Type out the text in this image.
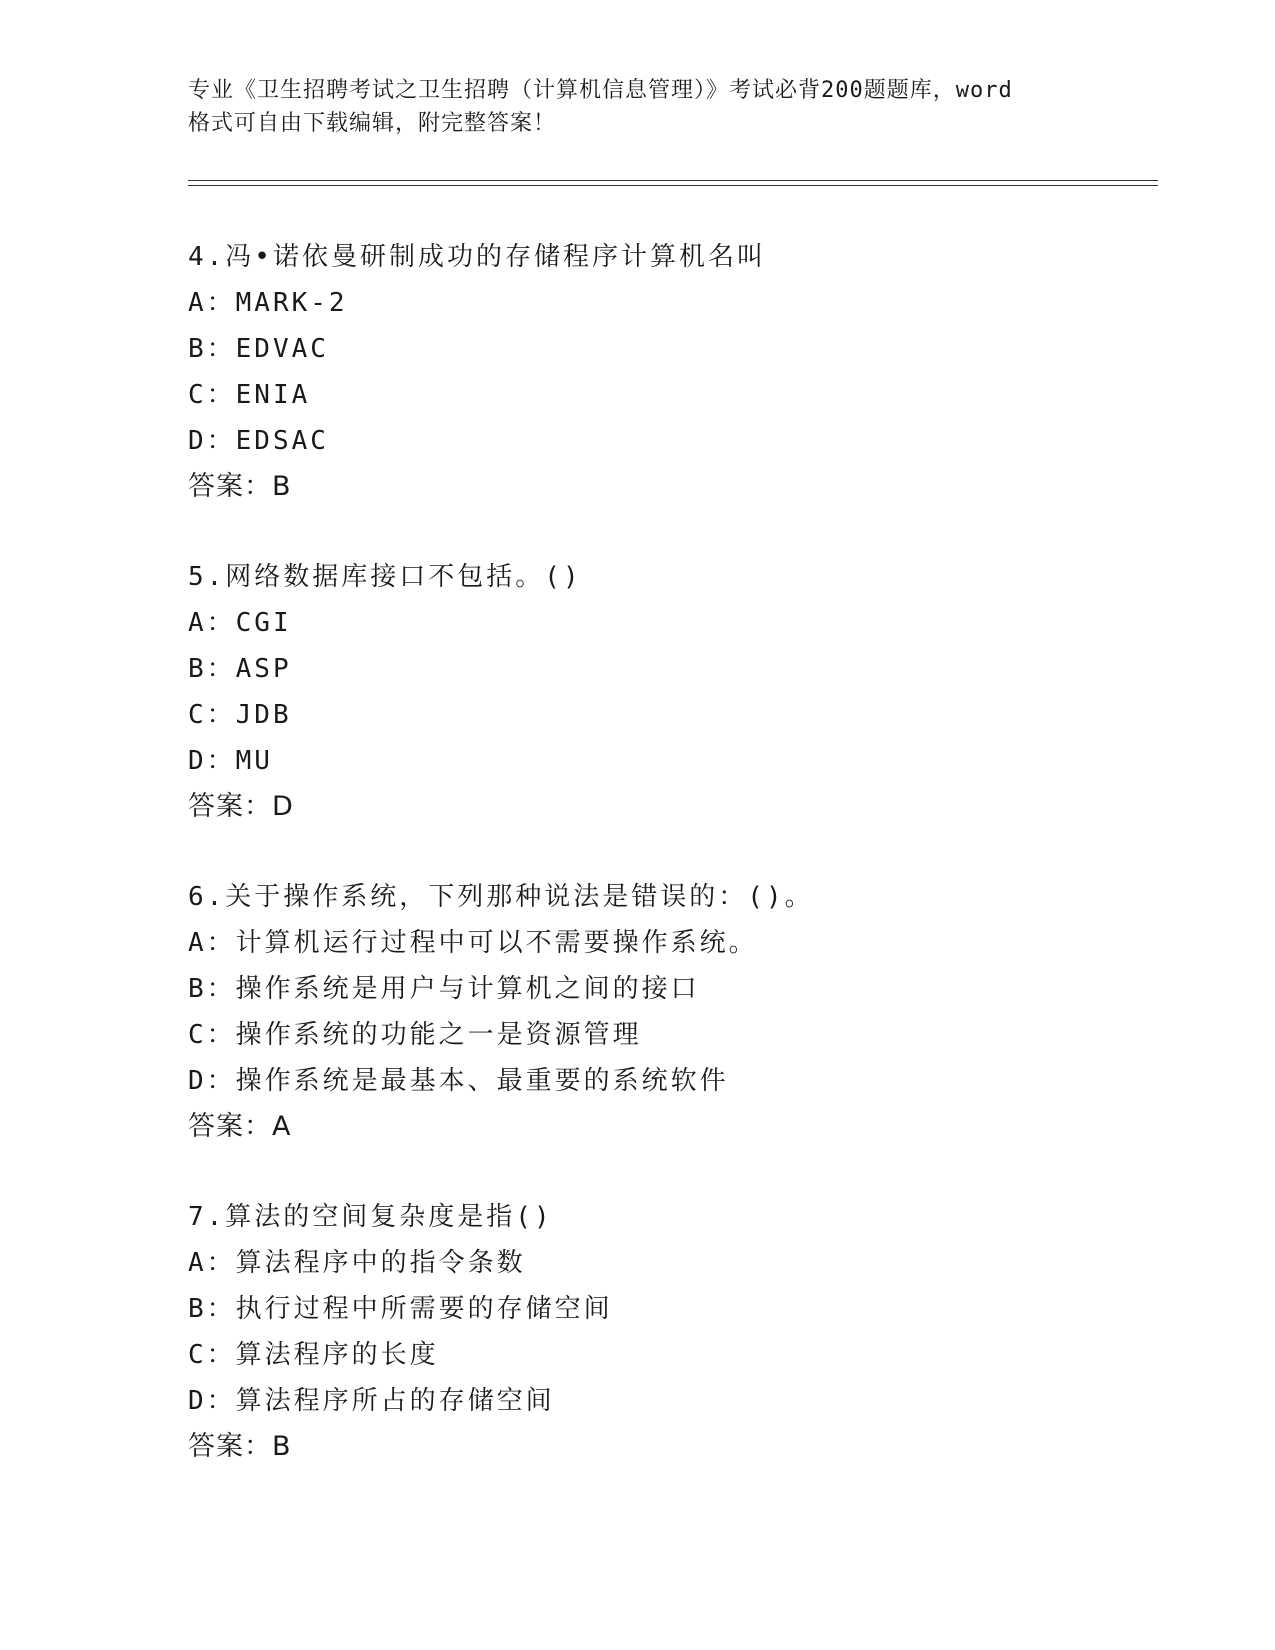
专业《卫生招聘考试之卫生招聘（计算机信息管理）》考试必背200题题库，word
格式可自由下载编辑，附完整答案！
4.冯•诺依曼研制成功的存储程序计算机名叫
A：MARK-2
B：EDVAC
C：ENIA
D：EDSAC
答案：B
5.网络数据库接口不包括。()
A：CGI
B：ASP
C：JDB
D：MU
答案：D
6.关于操作系统，下列那种说法是错误的：()。
A：计算机运行过程中可以不需要操作系统。
B：操作系统是用户与计算机之间的接口
C：操作系统的功能之一是资源管理
D：操作系统是最基本、最重要的系统软件
答案：A
7.算法的空间复杂度是指()
A：算法程序中的指令条数
B：执行过程中所需要的存储空间
C：算法程序的长度
D：算法程序所占的存储空间
答案：B
